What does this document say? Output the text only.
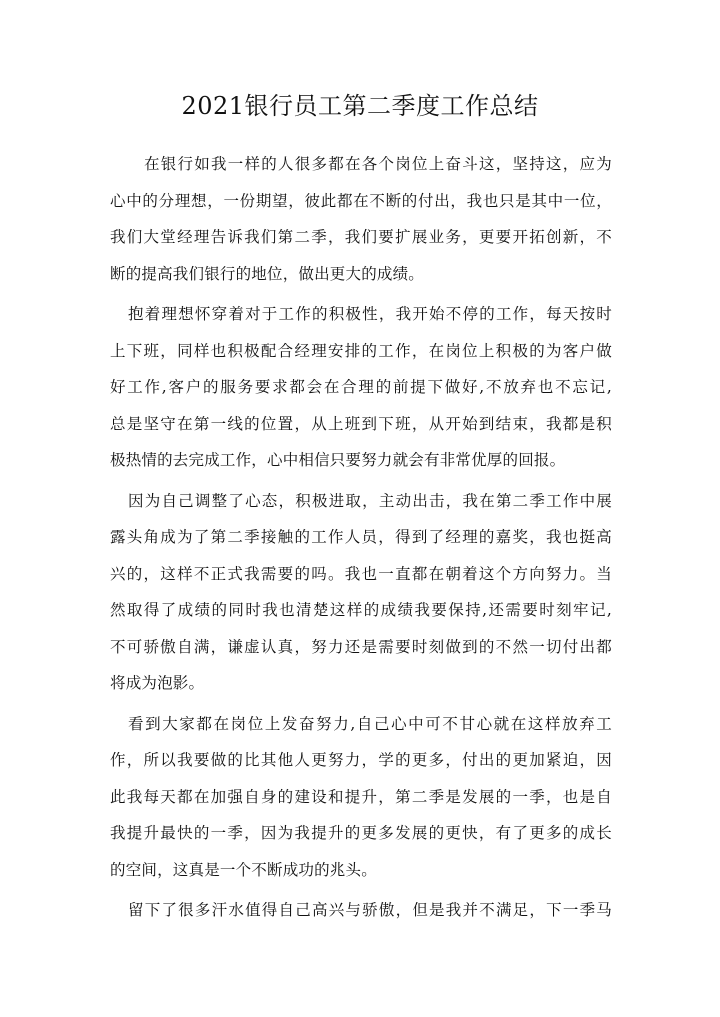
2021银行员工第二季度工作总结
在银行如我一样的人很多都在各个岗位上奋斗这，坚持这，应为
心中的分理想，一份期望，彼此都在不断的付出，我也只是其中一位，
我们大堂经理告诉我们第二季，我们要扩展业务，更要开拓创新，不
断的提高我们银行的地位，做出更大的成绩。
抱着理想怀穿着对于工作的积极性，我开始不停的工作，每天按时
上下班，同样也积极配合经理安排的工作，在岗位上积极的为客户做
好工作,客户的服务要求都会在合理的前提下做好,不放弃也不忘记,
总是坚守在第一线的位置，从上班到下班，从开始到结束，我都是积
极热情的去完成工作，心中相信只要努力就会有非常优厚的回报。
因为自己调整了心态，积极进取，主动出击，我在第二季工作中展
露头角成为了第二季接触的工作人员，得到了经理的嘉奖，我也挺高
兴的，这样不正式我需要的吗。我也一直都在朝着这个方向努力。当
然取得了成绩的同时我也清楚这样的成绩我要保持,还需要时刻牢记,
不可骄傲自满，谦虚认真，努力还是需要时刻做到的不然一切付出都
将成为泡影。
看到大家都在岗位上发奋努力,自己心中可不甘心就在这样放弃工
作，所以我要做的比其他人更努力，学的更多，付出的更加紧迫，因
此我每天都在加强自身的建设和提升，第二季是发展的一季，也是自
我提升最快的一季，因为我提升的更多发展的更快，有了更多的成长
的空间，这真是一个不断成功的兆头。
留下了很多汗水值得自己高兴与骄傲，但是我并不满足，下一季马
